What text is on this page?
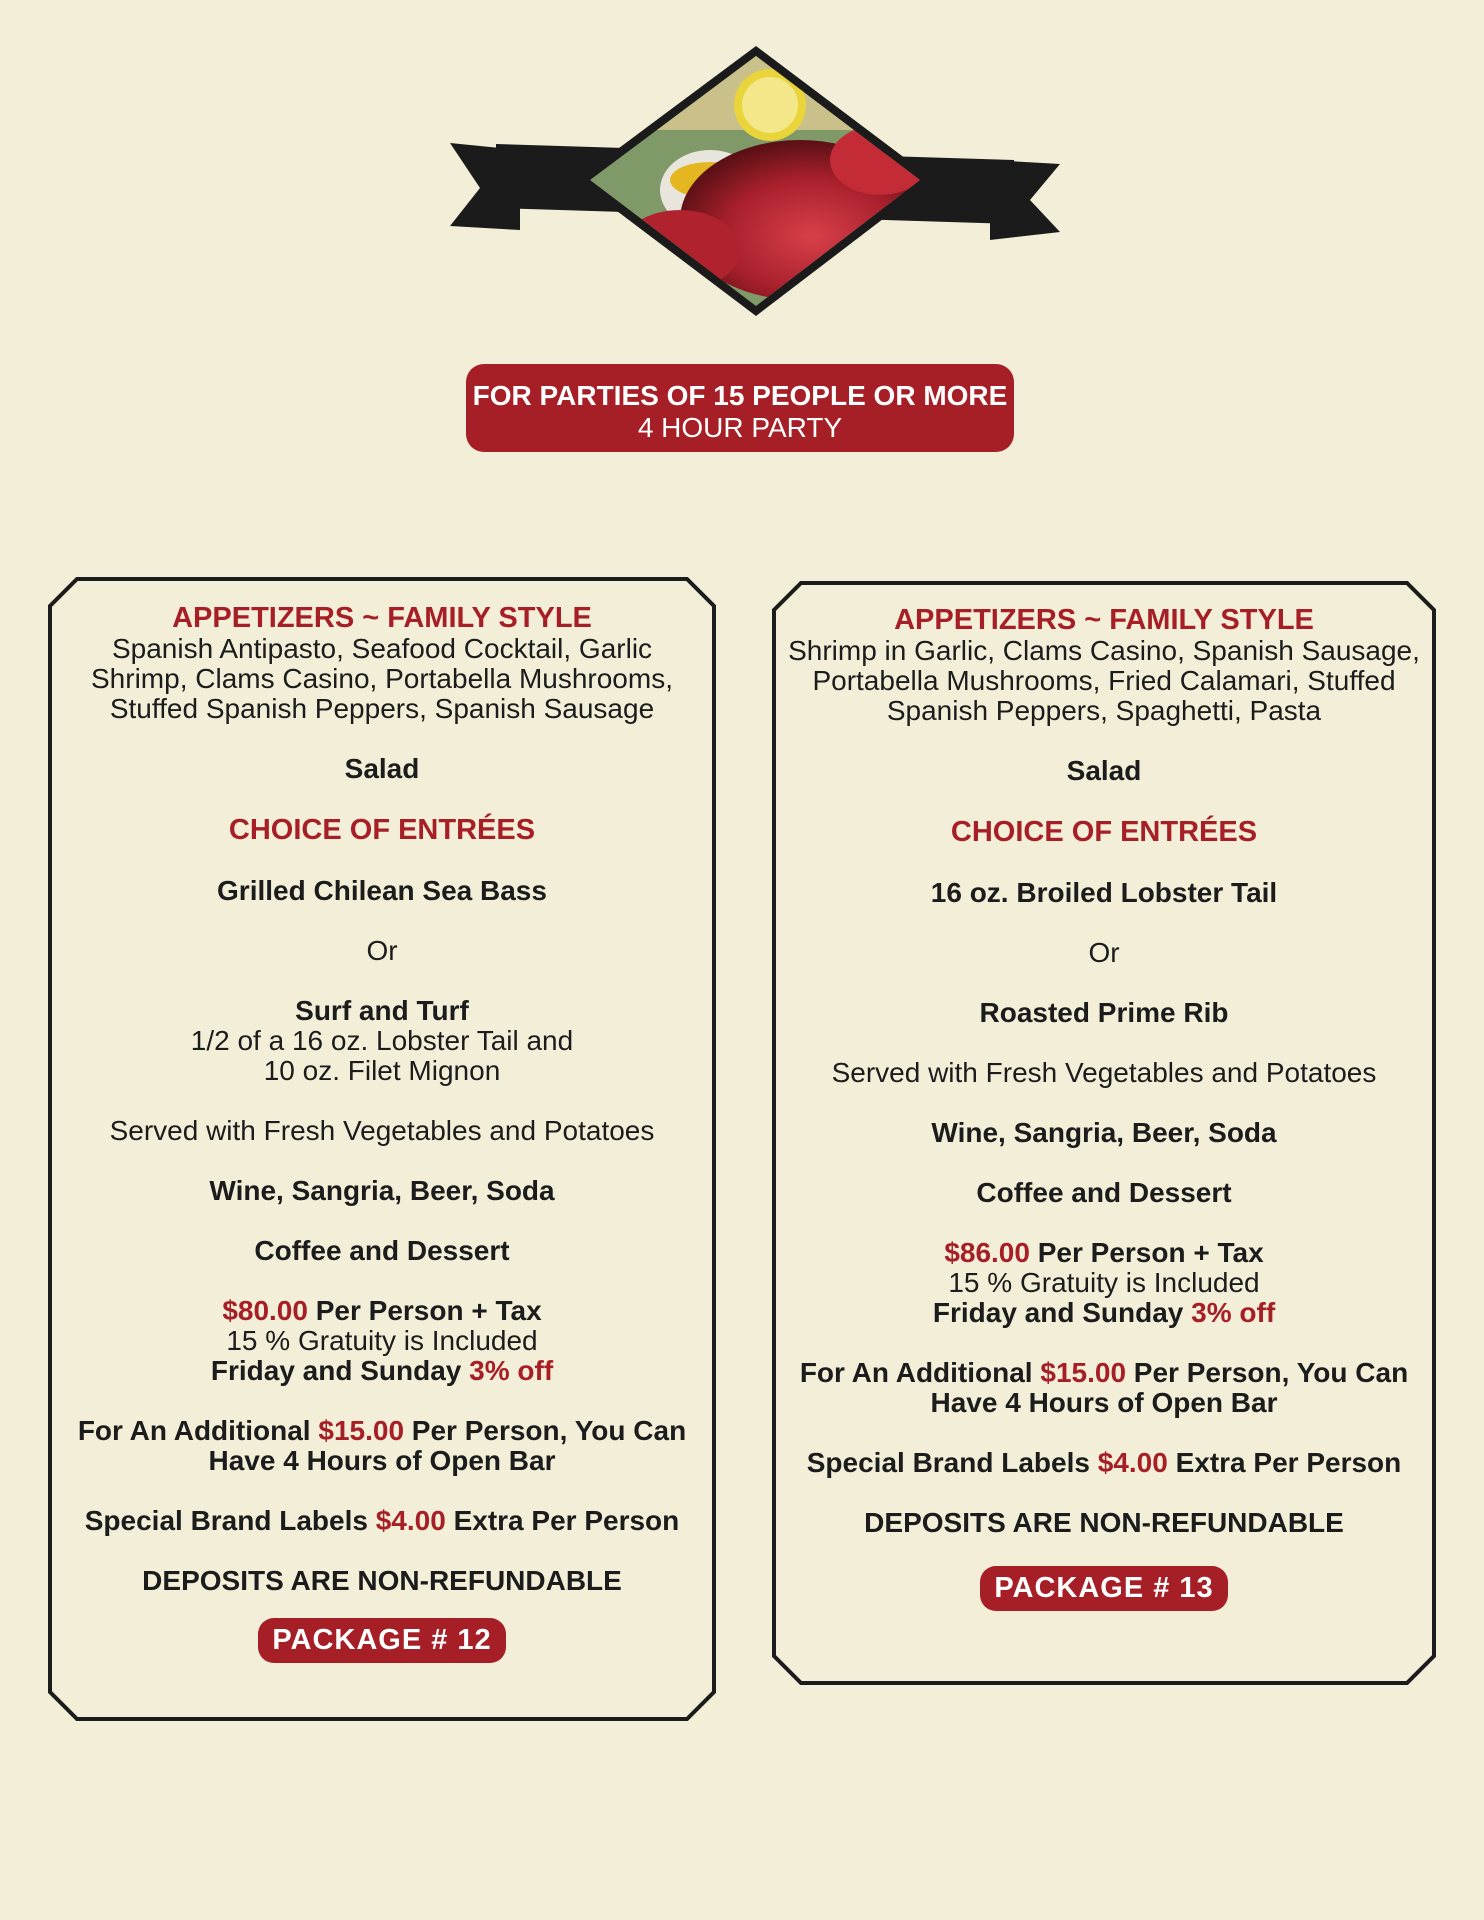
FOR PARTIES OF 15 PEOPLE OR MORE
4 HOUR PARTY
APPETIZERS ~ FAMILY STYLE
Spanish Antipasto, Seafood Cocktail, Garlic
Shrimp, Clams Casino, Portabella Mushrooms,
Stuffed Spanish Peppers, Spanish Sausage
Salad
CHOICE OF ENTRÉES
Grilled Chilean Sea Bass
Or
Surf and Turf
1/2 of a 16 oz. Lobster Tail and
10 oz. Filet Mignon
Served with Fresh Vegetables and Potatoes
Wine, Sangria, Beer, Soda
Coffee and Dessert
$80.00 Per Person + Tax
15 % Gratuity is Included
Friday and Sunday 3% off
For An Additional $15.00 Per Person, You Can
Have 4 Hours of Open Bar
Special Brand Labels $4.00 Extra Per Person
DEPOSITS ARE NON-REFUNDABLE
PACKAGE # 12
APPETIZERS ~ FAMILY STYLE
Shrimp in Garlic, Clams Casino, Spanish Sausage,
Portabella Mushrooms, Fried Calamari, Stuffed
Spanish Peppers, Spaghetti, Pasta
Salad
CHOICE OF ENTRÉES
16 oz. Broiled Lobster Tail
Or
Roasted Prime Rib
Served with Fresh Vegetables and Potatoes
Wine, Sangria, Beer, Soda
Coffee and Dessert
$86.00 Per Person + Tax
15 % Gratuity is Included
Friday and Sunday 3% off
For An Additional $15.00 Per Person, You Can
Have 4 Hours of Open Bar
Special Brand Labels $4.00 Extra Per Person
DEPOSITS ARE NON-REFUNDABLE
PACKAGE # 13
